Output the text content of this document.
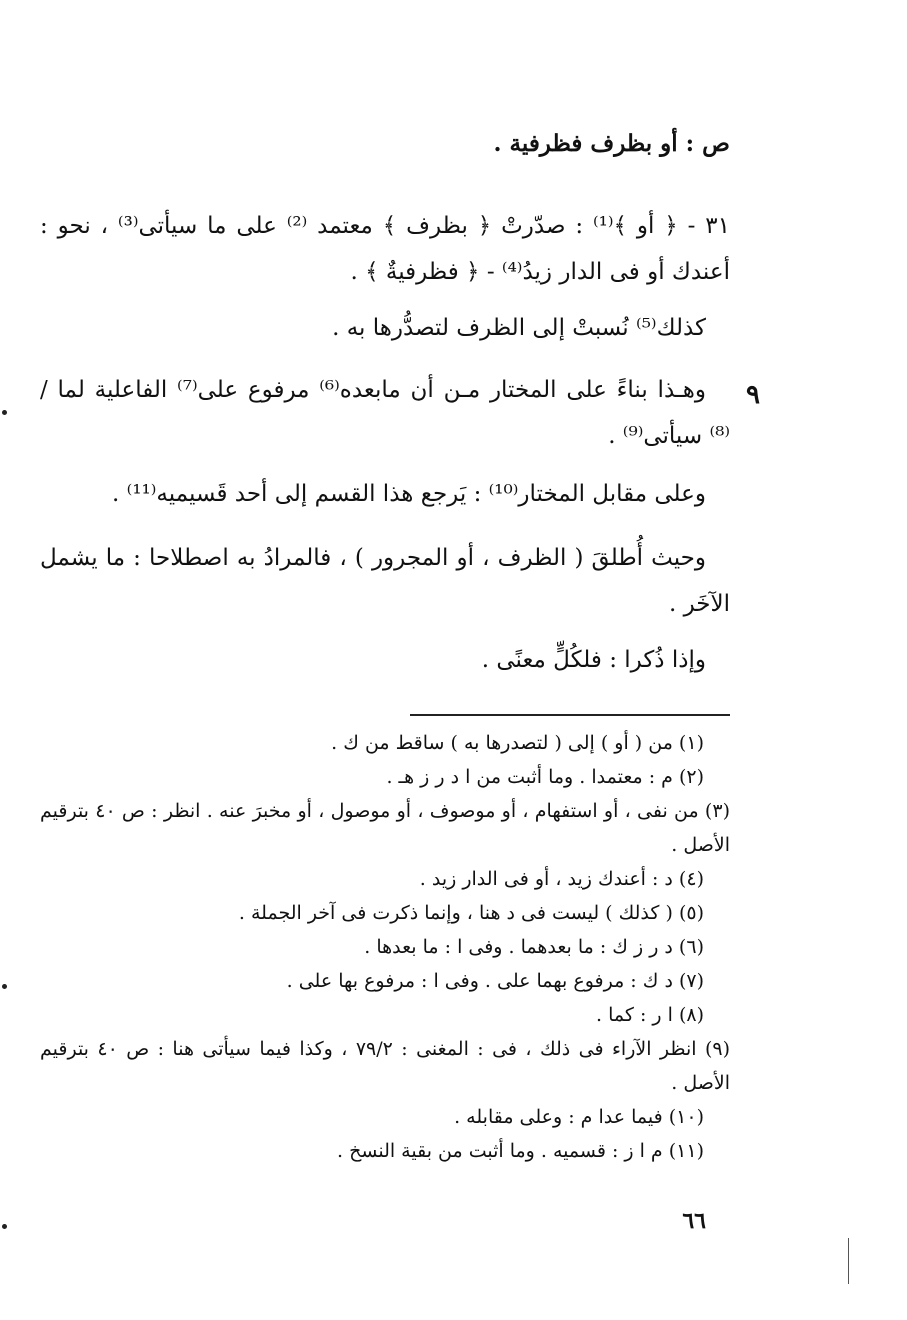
ص : أو بظرف فظرفية .

٣١ - ﴿ أو ﴾⁽¹⁾ : صدّرتْ ﴿ بظرف ﴾ معتمد ⁽²⁾ على ما سيأتى⁽³⁾ ، نحو : أعندك أو فى الدار زيدُ⁽⁴⁾ - ﴿ فظرفيةٌ ﴾ .

كذلك⁽⁵⁾ نُسبتْ إلى الظرف لتصدُّرها به .

وهـذا بناءً على المختار مـن أن مابعده⁽⁶⁾ مرفوع على⁽⁷⁾ الفاعلية لما / ⁽⁸⁾ سيأتى⁽⁹⁾ .

وعلى مقابل المختار⁽¹⁰⁾ : يَرجع هذا القسم إلى أحد قَسيميه⁽¹¹⁾ .

وحيث أُطلقَ ( الظرف ، أو المجرور ) ، فالمرادُ به اصطلاحا : ما يشمل الآخَر .

وإذا ذُكرا : فلكُلٍّ معنًى .

(١) من ( أو ) إلى ( لتصدرها به ) ساقط من ك .

(٢) م : معتمدا . وما أثبت من ا د ر ز هـ .

(٣) من نفى ، أو استفهام ، أو موصوف ، أو موصول ، أو مخبرَ عنه . انظر : ص ٤٠ بترقيم الأصل .

(٤) د : أعندك زيد ، أو فى الدار زيد .

(٥) ( كذلك ) ليست فى د هنا ، وإنما ذكرت فى آخر الجملة .

(٦) د ر ز ك : ما بعدهما . وفى ا : ما بعدها .

(٧) د ك : مرفوع بهما على . وفى ا : مرفوع بها على .

(٨) ا ر : كما .

(٩) انظر الآراء فى ذلك ، فى : المغنى : ٧٩/٢ ، وكذا فيما سيأتى هنا : ص ٤٠ بترقيم الأصل .

(١٠) فيما عدا م : وعلى مقابله .

(١١) م ا ز : قسميه . وما أثبت من بقية النسخ .

٦٦
٩
